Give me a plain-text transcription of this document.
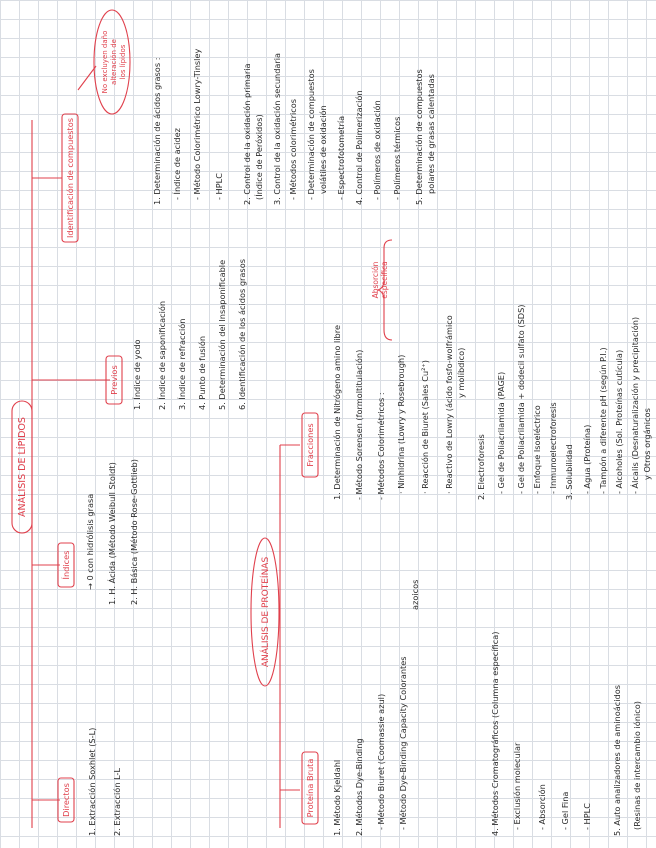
ANÁLISIS DE LÍPIDOS
Directos 1. Extracción Soxhlet (S-L) 2. Extracción L-L
Índices → 0 con hidrólisis grasa 1. H. Ácida (Método Weibull Stoldt) 2. H. Básica (Método Rose-Gottlieb)
Previos 1. Índice de yodo 2. Índice de saponificación 3. Índice de refracción 4. Punto de fusión 5. Determinación del Insaponificable 6. Identificación de los ácidos grasos
Identificación de compuestos
No excluyen daño alteración de los lípidos	1. Determinación de ácidos grasos : - Índice de acidez - Método Colorimétrico Lowry-Tinsley - HPLC 2. Control de la oxidación primaria (Índice de Peróxidos) 3. Control de la oxidación secundaria - Métodos colorimétricos - Determinación de compuestos volátiles de oxidación - Espectrofotometría 4. Control de Polimerización - Polímeros de oxidación - Polímeros térmicos 5. Determinación de compuestos polares de grasas calentadas
Absorción específica
ANÁLISIS DE PROTEÍNAS
Proteína Bruta
Fracciones
1. Método Kjeldahl 2. Métodos Dye-Binding - Método Biuret (Coomassie azul) - Método Dye-Binding Capacity Colorantes
azoicos
4. Métodos Cromatográficos (Columna específica) - Exclusión molecular - Absorción - Gel Fina - HPLC 5. Auto analizadores de aminoácidos (Resinas de intercambio iónico)
1. Determinación de Nitrógeno amino libre - Método Sorensen (formoltitulación) - Métodos Colorimétricos : · Ninhidrina (Lowry y Rosebrough) · Reacción de Biuret (Sales Cu²⁺) · Reactivo de Lowry (ácido fosfo-wolfrámico y molíbdico)
2. Electroforesis - Gel de Poliacrilamida (PAGE) - Gel de Poliacrilamida + dodecil sulfato (SDS) - Enfoque Isoeléctrico - Inmunoelectroforesis 3. Solubilidad - Agua (Proteína) - Tampón a diferente pH (según P.I.) - Alcoholes (Sol. Proteínas cutícula) - Álcalis (Desnaturalización y precipitación) y Otros orgánicos
